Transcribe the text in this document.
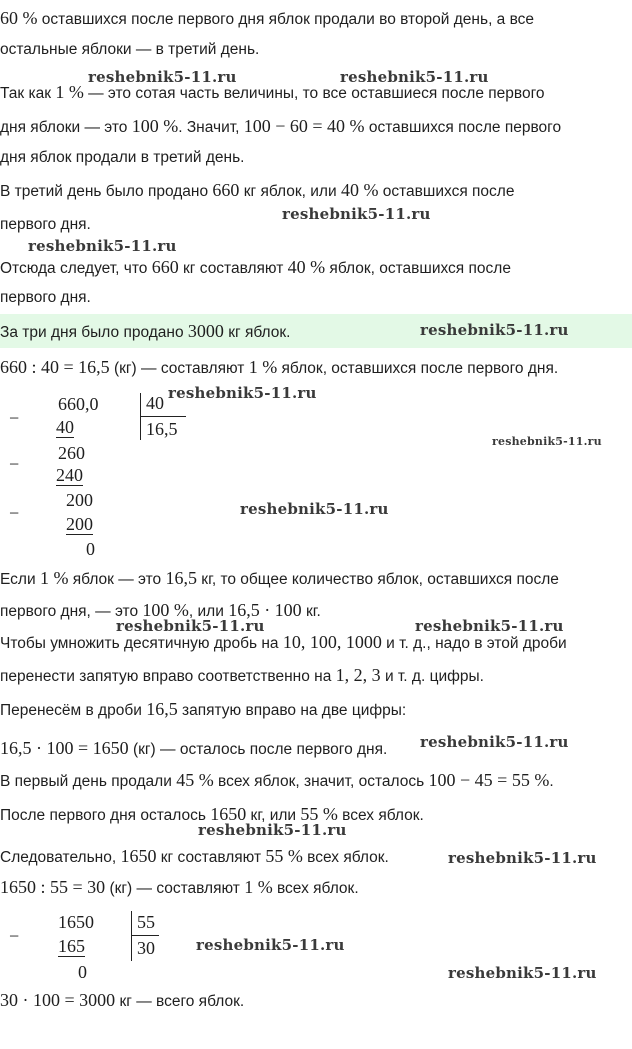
60 % оставшихся после первого дня яблок продали во второй день, а все
остальные яблоки — в третий день.
Так как 1 % — это сотая часть величины, то все оставшиеся после первого
дня яблоки — это 100 %. Значит, 100 − 60 = 40 % оставшихся после первого
дня яблок продали в третий день.
В третий день было продано 660 кг яблок, или 40 % оставшихся после
первого дня.
Отсюда следует, что 660 кг составляют 40 % яблок, оставшихся после
первого дня.
За три дня было продано 3000 кг яблок.
660 : 40 = 16,5 (кг) — составляют 1 % яблок, оставшихся после первого дня.
−
660,0
40
−
260
240
−
200
200
0
40
16,5
Если 1 % яблок — это 16,5 кг, то общее количество яблок, оставшихся после
первого дня, — это 100 %, или 16,5 · 100 кг.
Чтобы умножить десятичную дробь на 10, 100, 1000 и т. д., надо в этой дроби
перенести запятую вправо соответственно на 1, 2, 3 и т. д. цифры.
Перенесём в дроби 16,5 запятую вправо на две цифры:
16,5 · 100 = 1650 (кг) — осталось после первого дня.
В первый день продали 45 % всех яблок, значит, осталось 100 − 45 = 55 %.
После первого дня осталось 1650 кг, или 55 % всех яблок.
Следовательно, 1650 кг составляют 55 % всех яблок.
1650 : 55 = 30 (кг) — составляют 1 % всех яблок.
−
1650
165
0
55
30
30 · 100 = 3000 кг — всего яблок.
reshebnik5-11.ru	reshebnik5-11.ru
reshebnik5-11.ru
reshebnik5-11.ru
reshebnik5-11.ru
reshebnik5-11.ru
reshebnik5-11.ru
reshebnik5-11.ru
reshebnik5-11.ru	reshebnik5-11.ru
reshebnik5-11.ru
reshebnik5-11.ru
reshebnik5-11.ru
reshebnik5-11.ru
reshebnik5-11.ru
